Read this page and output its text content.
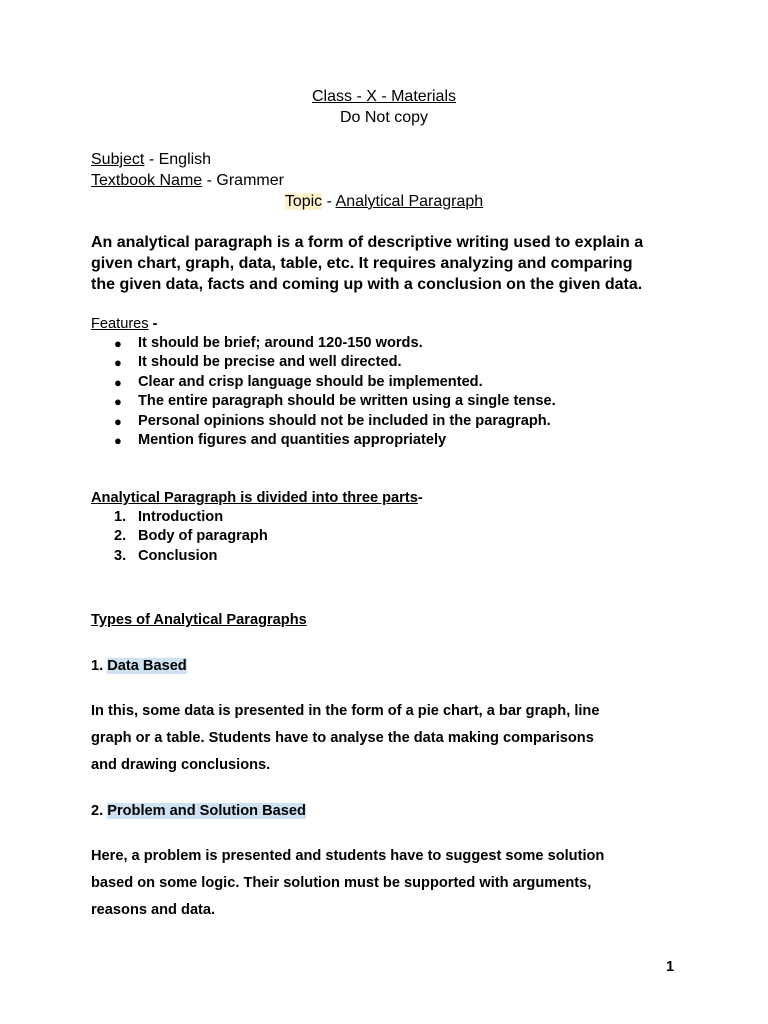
Class - X - Materials
Do Not copy
Subject - English
Textbook Name - Grammer
Topic - Analytical Paragraph
An analytical paragraph is a form of descriptive writing used to explain a
given chart, graph, data, table, etc. It requires analyzing and comparing
the given data, facts and coming up with a conclusion on the given data.
Features -
● It should be brief; around 120-150 words.
● It should be precise and well directed.
● Clear and crisp language should be implemented.
● The entire paragraph should be written using a single tense.
● Personal opinions should not be included in the paragraph.
● Mention figures and quantities appropriately
Analytical Paragraph is divided into three parts-
1. Introduction
2. Body of paragraph
3. Conclusion
Types of Analytical Paragraphs
1. Data Based
In this, some data is presented in the form of a pie chart, a bar graph, line
graph or a table. Students have to analyse the data making comparisons
and drawing conclusions.
2. Problem and Solution Based
Here, a problem is presented and students have to suggest some solution
based on some logic. Their solution must be supported with arguments,
reasons and data.
1
